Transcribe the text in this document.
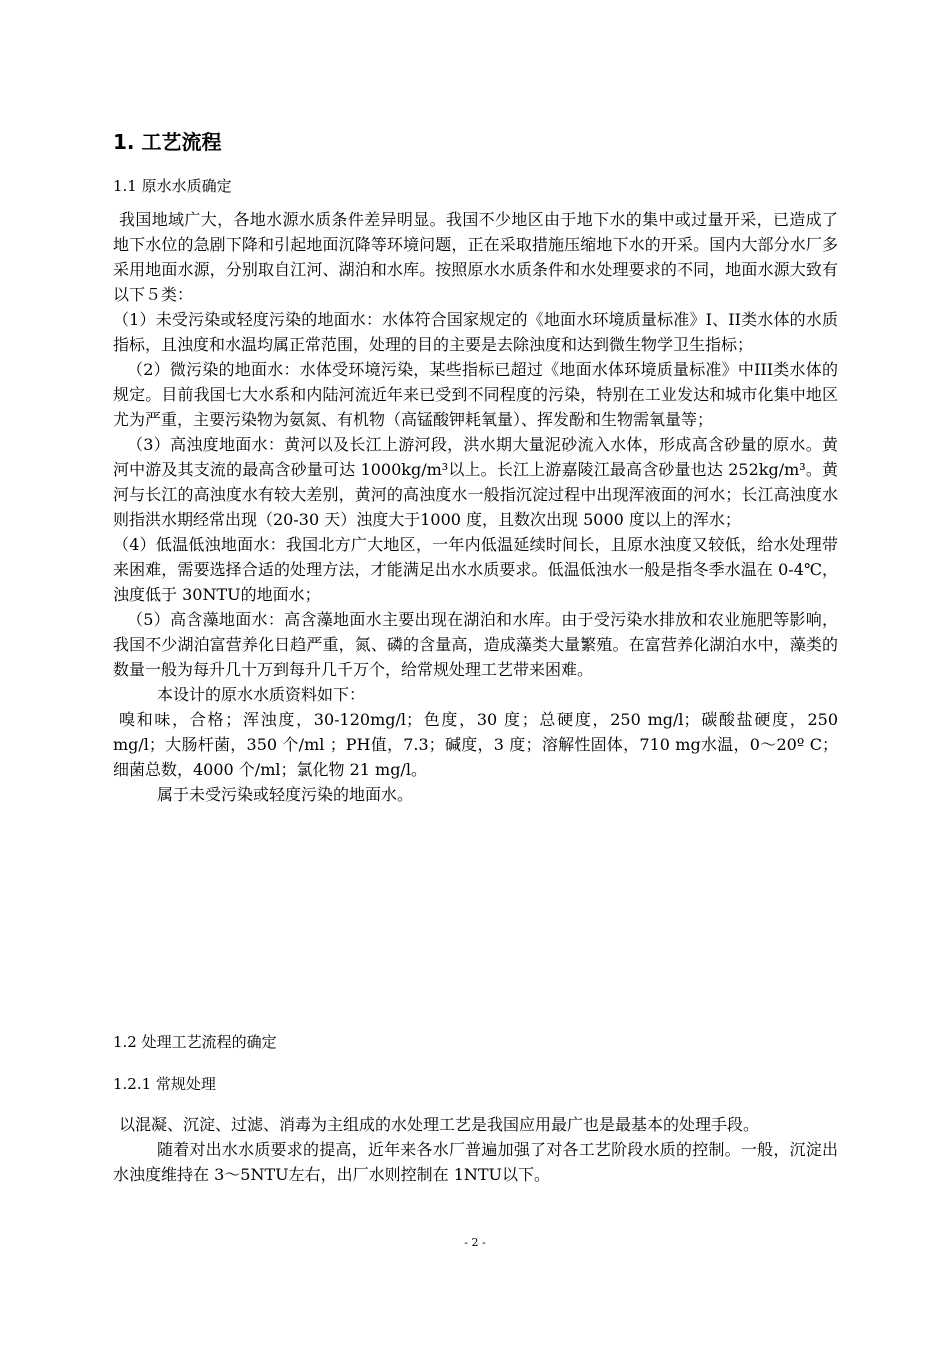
1. 工艺流程
1.1 原水水质确定

我国地域广大，各地水源水质条件差异明显。我国不少地区由于地下水的集中或过量开采，已造成了地下水位的急剧下降和引起地面沉降等环境问题，正在采取措施压缩地下水的开采。国内大部分水厂多采用地面水源，分别取自江河、湖泊和水库。按照原水水质条件和水处理要求的不同，地面水源大致有以下５类：

（1）未受污染或轻度污染的地面水：水体符合国家规定的《地面水环境质量标准》I、II类水体的水质指标，且浊度和水温均属正常范围，处理的目的主要是去除浊度和达到微生物学卫生指标；

（2）微污染的地面水：水体受环境污染，某些指标已超过《地面水体环境质量标准》中III类水体的规定。目前我国七大水系和内陆河流近年来已受到不同程度的污染，特别在工业发达和城市化集中地区尤为严重，主要污染物为氨氮、有机物（高锰酸钾耗氧量）、挥发酚和生物需氧量等；

（3）高浊度地面水：黄河以及长江上游河段，洪水期大量泥砂流入水体，形成高含砂量的原水。黄河中游及其支流的最高含砂量可达 1000kg/m³以上。长江上游嘉陵江最高含砂量也达 252kg/m³。黄河与长江的高浊度水有较大差别，黄河的高浊度水一般指沉淀过程中出现浑液面的河水；长江高浊度水则指洪水期经常出现（20-30 天）浊度大于1000 度，且数次出现 5000 度以上的浑水；

（4）低温低浊地面水：我国北方广大地区，一年内低温延续时间长，且原水浊度又较低，给水处理带来困难，需要选择合适的处理方法，才能满足出水水质要求。低温低浊水一般是指冬季水温在 0-4℃，浊度低于 30NTU的地面水；

（5）高含藻地面水：高含藻地面水主要出现在湖泊和水库。由于受污染水排放和农业施肥等影响，我国不少湖泊富营养化日趋严重，氮、磷的含量高，造成藻类大量繁殖。在富营养化湖泊水中，藻类的数量一般为每升几十万到每升几千万个，给常规处理工艺带来困难。

本设计的原水水质资料如下：

嗅和味，合格；浑浊度，30-120mg/l；色度，30 度；总硬度，250 mg/l；碳酸盐硬度，250 mg/l；大肠杆菌，350 个/ml ；PH值，7.3；碱度，3 度；溶解性固体，710 mg水温，0～20º C；细菌总数，4000 个/ml；氯化物 21 mg/l。

属于未受污染或轻度污染的地面水。

1.2 处理工艺流程的确定
1.2.1 常规处理

以混凝、沉淀、过滤、消毒为主组成的水处理工艺是我国应用最广也是最基本的处理手段。

随着对出水水质要求的提高，近年来各水厂普遍加强了对各工艺阶段水质的控制。一般，沉淀出水浊度维持在 3～5NTU左右，出厂水则控制在 1NTU以下。

- 2 -
